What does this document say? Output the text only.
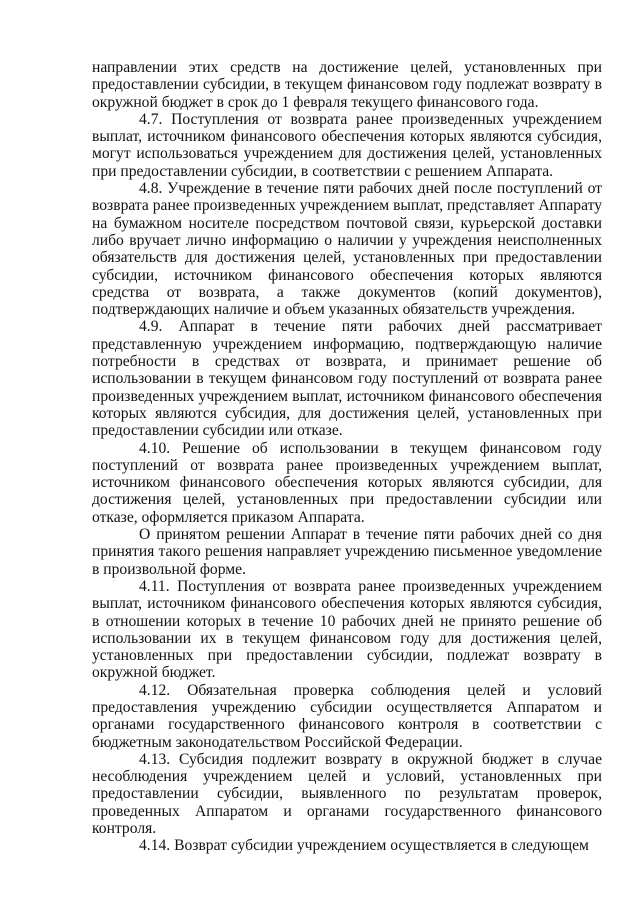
направлении этих средств на достижение целей, установленных при предоставлении субсидии, в текущем финансовом году подлежат возврату в окружной бюджет в срок до 1 февраля текущего финансового года.

4.7. Поступления от возврата ранее произведенных учреждением выплат, источником финансового обеспечения которых являются субсидия, могут использоваться учреждением для достижения целей, установленных при предоставлении субсидии, в соответствии с решением Аппарата.

4.8. Учреждение в течение пяти рабочих дней после поступлений от возврата ранее произведенных учреждением выплат, представляет Аппарату на бумажном носителе посредством почтовой связи, курьерской доставки либо вручает лично информацию о наличии у учреждения неисполненных обязательств для достижения целей, установленных при предоставлении субсидии, источником финансового обеспечения которых являются средства от возврата, а также документов (копий документов), подтверждающих наличие и объем указанных обязательств учреждения.

4.9. Аппарат в течение пяти рабочих дней рассматривает представленную учреждением информацию, подтверждающую наличие потребности в средствах от возврата, и принимает решение об использовании в текущем финансовом году поступлений от возврата ранее произведенных учреждением выплат, источником финансового обеспечения которых являются субсидия, для достижения целей, установленных при предоставлении субсидии или отказе.

4.10. Решение об использовании в текущем финансовом году поступлений от возврата ранее произведенных учреждением выплат, источником финансового обеспечения которых являются субсидии, для достижения целей, установленных при предоставлении субсидии или отказе, оформляется приказом Аппарата.

О принятом решении Аппарат в течение пяти рабочих дней со дня принятия такого решения направляет учреждению письменное уведомление в произвольной форме.

4.11. Поступления от возврата ранее произведенных учреждением выплат, источником финансового обеспечения которых являются субсидия, в отношении которых в течение 10 рабочих дней не принято решение об использовании их в текущем финансовом году для достижения целей, установленных при предоставлении субсидии, подлежат возврату в окружной бюджет.

4.12. Обязательная проверка соблюдения целей и условий предоставления учреждению субсидии осуществляется Аппаратом и органами государственного финансового контроля в соответствии с бюджетным законодательством Российской Федерации.

4.13. Субсидия подлежит возврату в окружной бюджет в случае несоблюдения учреждением целей и условий, установленных при предоставлении субсидии, выявленного по результатам проверок, проведенных Аппаратом и органами государственного финансового контроля.

4.14. Возврат субсидии учреждением осуществляется в следующем
